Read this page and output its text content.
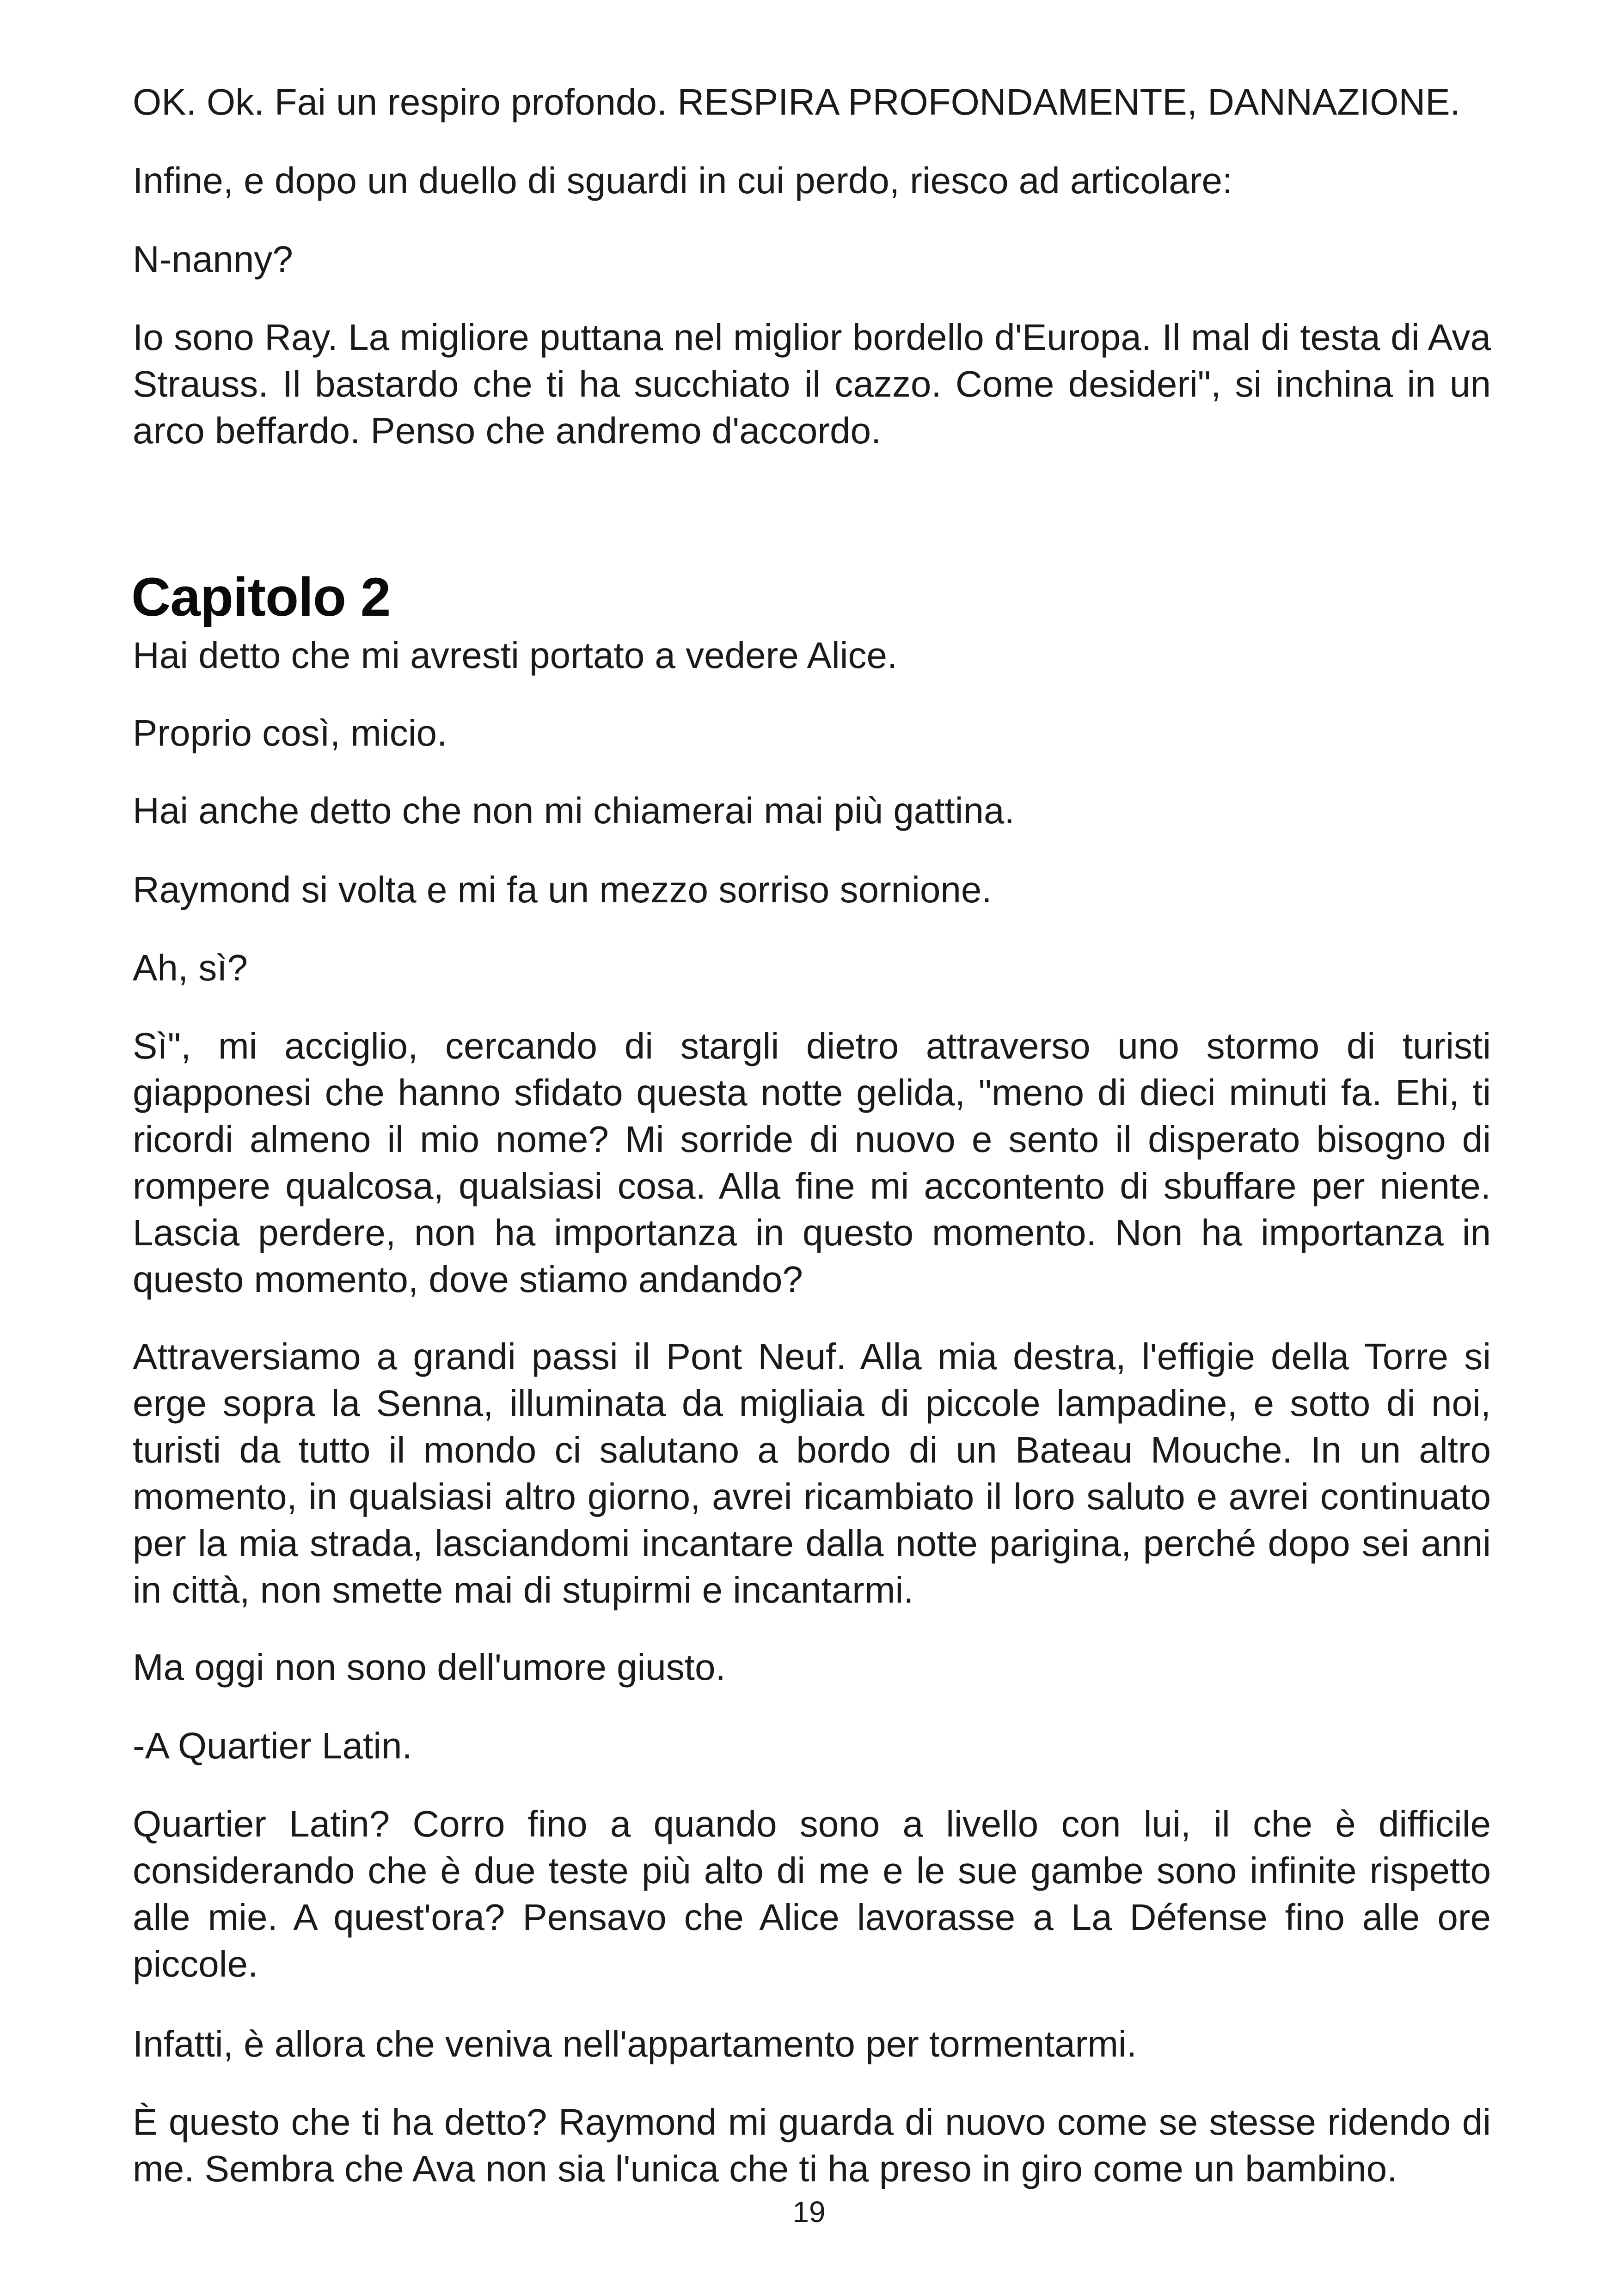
OK. Ok. Fai un respiro profondo. RESPIRA PROFONDAMENTE, DANNAZIONE.

Infine, e dopo un duello di sguardi in cui perdo, riesco ad articolare:

N-nanny?

Io sono Ray. La migliore puttana nel miglior bordello d'Europa. Il mal di testa di Ava Strauss. Il bastardo che ti ha succhiato il cazzo. Come desideri", si inchina in un arco beffardo. Penso che andremo d'accordo.

Capitolo 2

Hai detto che mi avresti portato a vedere Alice.

Proprio così, micio.

Hai anche detto che non mi chiamerai mai più gattina.

Raymond si volta e mi fa un mezzo sorriso sornione.

Ah, sì?

Sì", mi acciglio, cercando di stargli dietro attraverso uno stormo di turisti giapponesi che hanno sfidato questa notte gelida, "meno di dieci minuti fa. Ehi, ti ricordi almeno il mio nome? Mi sorride di nuovo e sento il disperato bisogno di rompere qualcosa, qualsiasi cosa. Alla fine mi accontento di sbuffare per niente. Lascia perdere, non ha importanza in questo momento. Non ha importanza in questo momento, dove stiamo andando?

Attraversiamo a grandi passi il Pont Neuf. Alla mia destra, l'effigie della Torre si erge sopra la Senna, illuminata da migliaia di piccole lampadine, e sotto di noi, turisti da tutto il mondo ci salutano a bordo di un Bateau Mouche. In un altro momento, in qualsiasi altro giorno, avrei ricambiato il loro saluto e avrei continuato per la mia strada, lasciandomi incantare dalla notte parigina, perché dopo sei anni in città, non smette mai di stupirmi e incantarmi.

Ma oggi non sono dell'umore giusto.

-A Quartier Latin.

Quartier Latin? Corro fino a quando sono a livello con lui, il che è difficile considerando che è due teste più alto di me e le sue gambe sono infinite rispetto alle mie. A quest'ora? Pensavo che Alice lavorasse a La Défense fino alle ore piccole.

Infatti, è allora che veniva nell'appartamento per tormentarmi.

È questo che ti ha detto? Raymond mi guarda di nuovo come se stesse ridendo di me. Sembra che Ava non sia l'unica che ti ha preso in giro come un bambino.

19
